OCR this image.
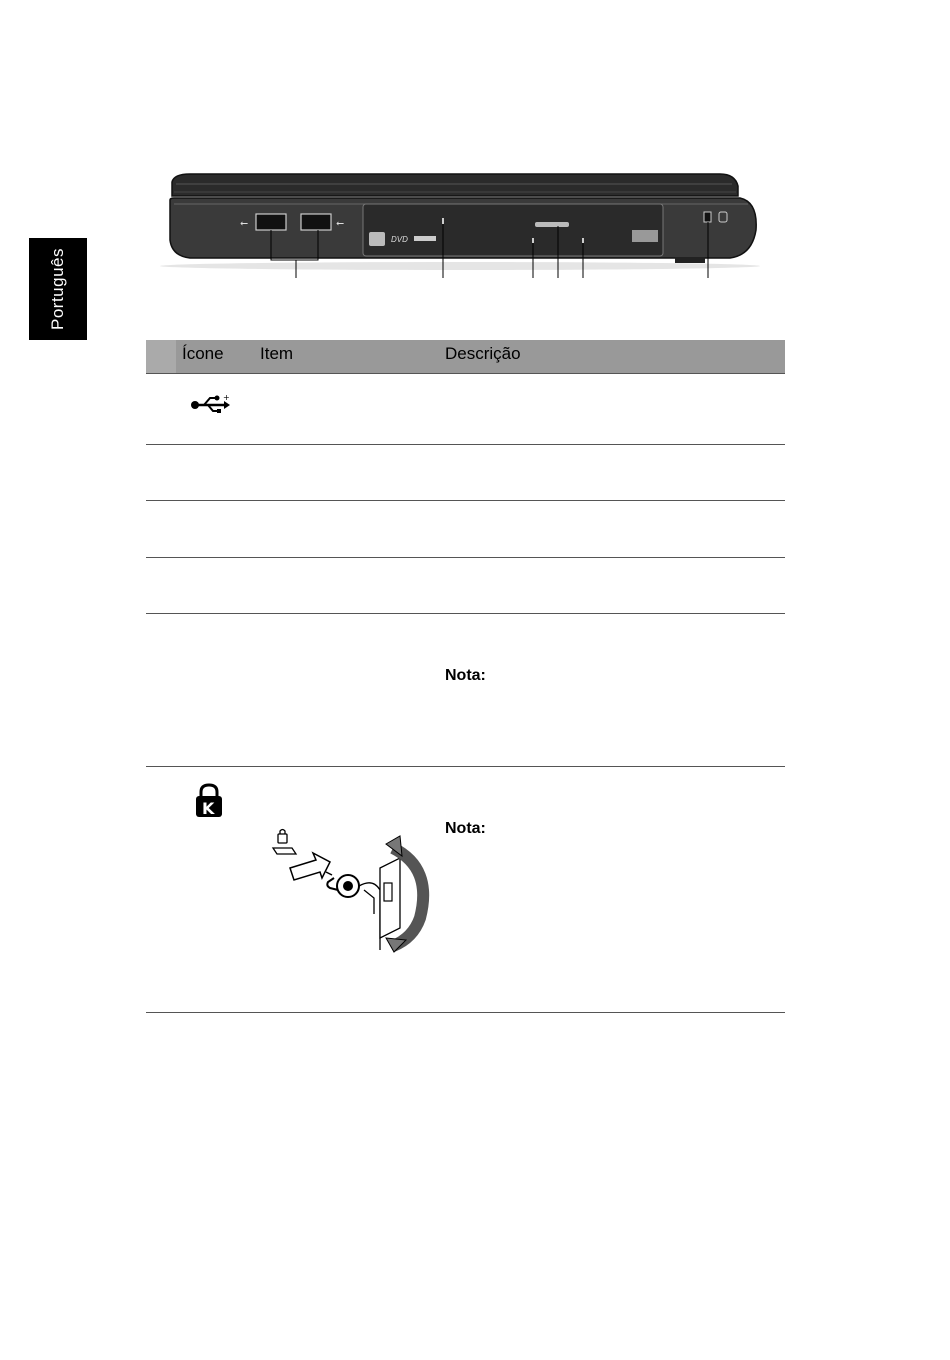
Português
DVD
⭠	⭠
Ícone Item	Descrição
+
Nota:
K
Nota:
